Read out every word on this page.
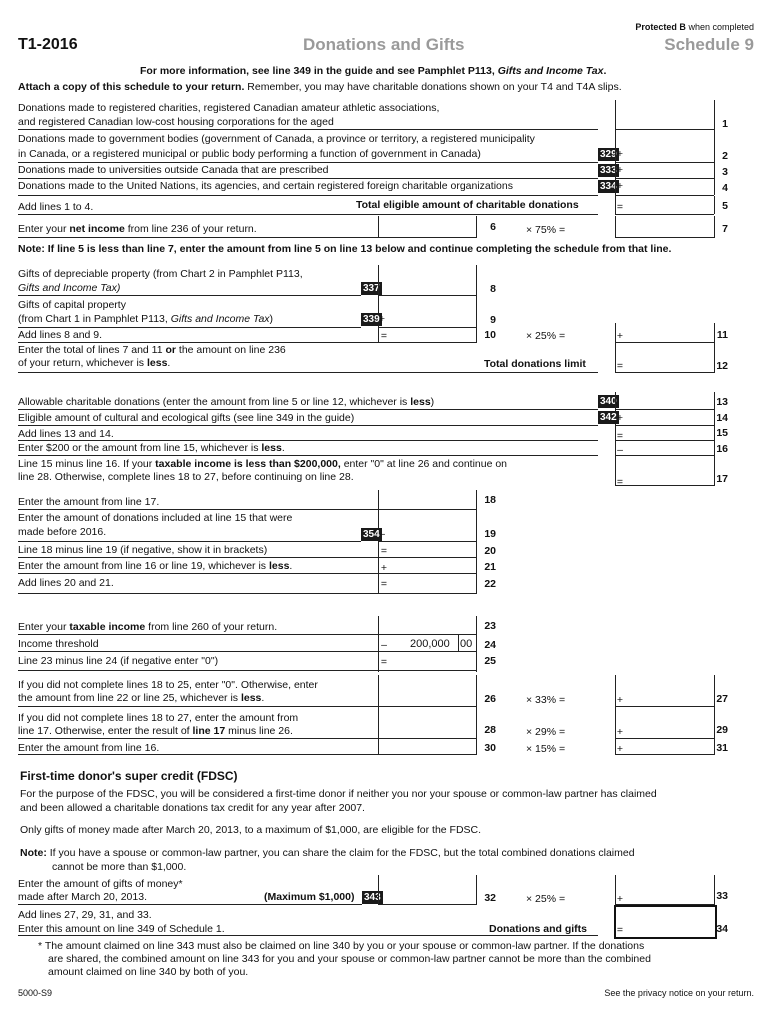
Protected B when completed
T1-2016	Donations and Gifts	Schedule 9
For more information, see line 349 in the guide and see Pamphlet P113, Gifts and Income Tax.
Attach a copy of this schedule to your return. Remember, you may have charitable donations shown on your T4 and T4A slips.
Donations made to registered charities, registered Canadian amateur athletic associations,
and registered Canadian low-cost housing corporations for the aged	1
Donations made to government bodies (government of Canada, a province or territory, a registered municipality
in Canada, or a registered municipal or public body performing a function of government in Canada)	329 +	2
Donations made to universities outside Canada that are prescribed	333 +	3
Donations made to the United Nations, its agencies, and certain registered foreign charitable organizations	334 +	4
Add lines 1 to 4.	Total eligible amount of charitable donations	=	5
Enter your net income from line 236 of your return.	6	× 75% =	7
Note: If line 5 is less than line 7, enter the amount from line 5 on line 13 below and continue completing the schedule from that line.
Gifts of depreciable property (from Chart 2 in Pamphlet P113,
Gifts and Income Tax)	337	8
Gifts of capital property
(from Chart 1 in Pamphlet P113, Gifts and Income Tax)	339 +	9
Add lines 8 and 9.	=	10	× 25% =	+	11
Enter the total of lines 7 and 11 or the amount on line 236
of your return, whichever is less.	Total donations limit	=	12
Allowable charitable donations (enter the amount from line 5 or line 12, whichever is less)	340	13
Eligible amount of cultural and ecological gifts (see line 349 in the guide)	342 +	14
Add lines 13 and 14.	=	15
Enter $200 or the amount from line 15, whichever is less.	–	16
Line 15 minus line 16. If your taxable income is less than $200,000, enter "0" at line 26 and continue on
line 28. Otherwise, complete lines 18 to 27, before continuing on line 28.	=	17
Enter the amount from line 17.	18
Enter the amount of donations included at line 15 that were
made before 2016.	354 –	19
Line 18 minus line 19 (if negative, show it in brackets)	=	20
Enter the amount from line 16 or line 19, whichever is less.	+	21
Add lines 20 and 21.	=	22
Enter your taxable income from line 260 of your return.	23
Income threshold	– 200,000 00	24
Line 23 minus line 24 (if negative enter "0")	=	25
If you did not complete lines 18 to 25, enter "0". Otherwise, enter
the amount from line 22 or line 25, whichever is less.	26	× 33% =	+	27
If you did not complete lines 18 to 27, enter the amount from
line 17. Otherwise, enter the result of line 17 minus line 26.	28	× 29% =	+	29
Enter the amount from line 16.	30	× 15% =	+	31
First-time donor's super credit (FDSC)
For the purpose of the FDSC, you will be considered a first-time donor if neither you nor your spouse or common-law partner has claimed
and been allowed a charitable donations tax credit for any year after 2007.
Only gifts of money made after March 20, 2013, to a maximum of $1,000, are eligible for the FDSC.
Note: If you have a spouse or common-law partner, you can share the claim for the FDSC, but the total combined donations claimed
cannot be more than $1,000.
Enter the amount of gifts of money*
made after March 20, 2013.	(Maximum $1,000) 343	32	× 25% =	+	33
Add lines 27, 29, 31, and 33.
Enter this amount on line 349 of Schedule 1.	Donations and gifts	=	34
* The amount claimed on line 343 must also be claimed on line 340 by you or your spouse or common-law partner. If the donations
are shared, the combined amount on line 343 for you and your spouse or common-law partner cannot be more than the combined
amount claimed on line 340 by both of you.
5000-S9	See the privacy notice on your return.
